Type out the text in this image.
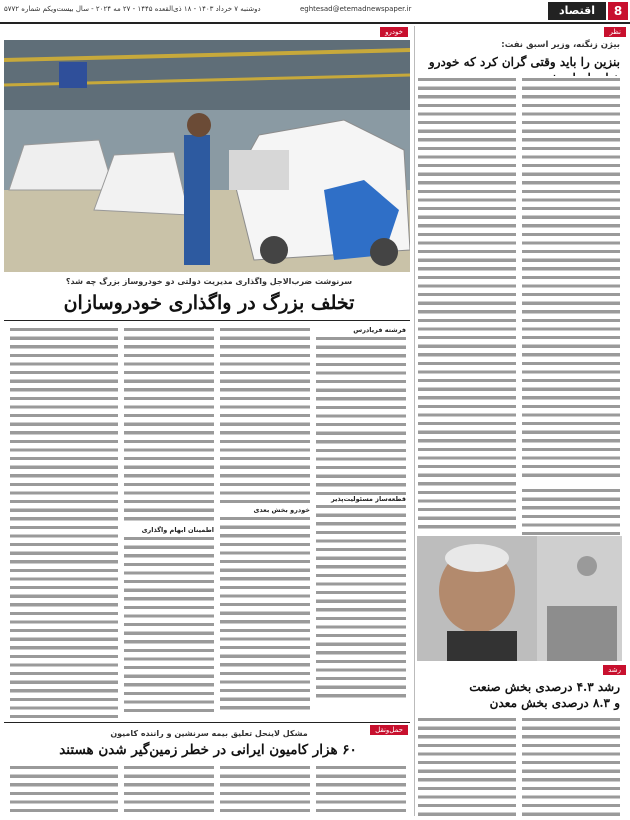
8
اقتصاد
eghtesad@etemadnewspaper.ir
دوشنبه ۷ خرداد ۱۴۰۳ - ۱۸ ذی‌القعده ۱۴۴۵ - ۲۷ مه ۲۰۲۴ - سال بیست‌ویکم شماره ۵۷۷۲
نظر
بیژن زنگنه، وزیر اسبق نفت:
بنزین را باید وقتی گران کرد که خودرو
رشد
رشد ۴.۳ درصدی بخش صنعت
و ۸.۳ درصدی بخش معدن
خودرو
سرنوشت ضرب‌الاجل واگذاری مدیریت دولتی دو خودروساز بزرگ چه شد؟
تخلف بزرگ در واگذاری خودروسازان
فرشته فریادرس
قطعه‌ساز مسئولیت‌پذیر
خودرو بخش بعدی
اطمینان ابهام واگذاری
حمل‌ونقل
مشکل لاینحل تعلیق بیمه سرنشین و راننده کامیون
۶۰ هزار کامیون ایرانی در خطر زمین‌گیر شدن هستند
